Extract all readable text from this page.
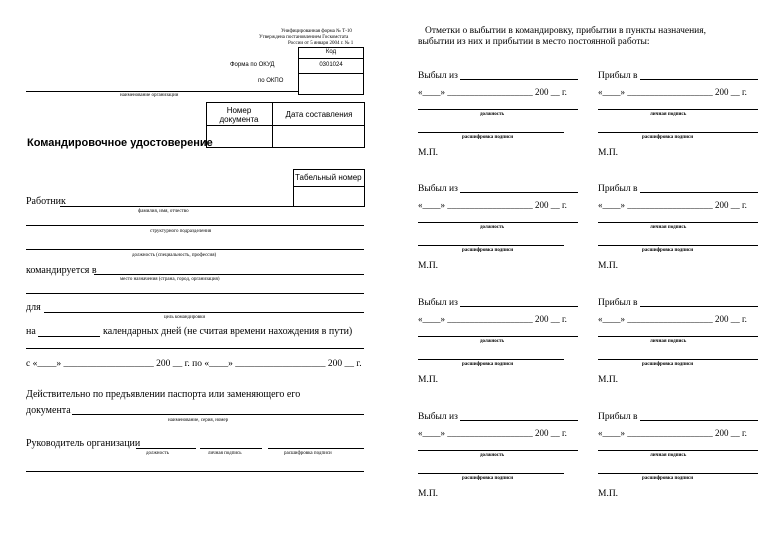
Унифицированная форма № Т-10
Утверждена постановлением Госкомстата
России от 5 января 2004 г. № 1
Код
0301024
Форма по ОКУД
по ОКПО
наименование организации
Номер документа
Дата составления
Командировочное удостоверение
Табельный номер
Работник
фамилия, имя, отчество
структурного подразделения
должность (специальность, профессия)
командируется в
место назначения (страна, город, организация)
для
цель командировки
на	календарных дней (не считая времени нахождения в пути)
с «____» ___________________ 200 __ г. по «____» ___________________ 200 __ г.
Действительно по предъявлении паспорта или заменяющего его
документа
наименование, серия, номер
Руководитель организации
должность	личная подпись	расшифровка подписи
Отметки о выбытии в командировку, прибытии в пункты назначения,
выбытии из них и прибытии в место постоянной работы:
Выбыл из
«____» ___________________ 200 __ г.
должность
расшифровка подписи
М.П.
Прибыл в
«____» ___________________ 200 __ г.
личная подпись
расшифровка подписи
М.П.
Выбыл из
«____» ___________________ 200 __ г.
должность
расшифровка подписи
М.П.
Прибыл в
«____» ___________________ 200 __ г.
личная подпись
расшифровка подписи
М.П.
Выбыл из
«____» ___________________ 200 __ г.
должность
расшифровка подписи
М.П.
Прибыл в
«____» ___________________ 200 __ г.
личная подпись
расшифровка подписи
М.П.
Выбыл из
«____» ___________________ 200 __ г.
должность
расшифровка подписи
М.П.
Прибыл в
«____» ___________________ 200 __ г.
личная подпись
расшифровка подписи
М.П.
